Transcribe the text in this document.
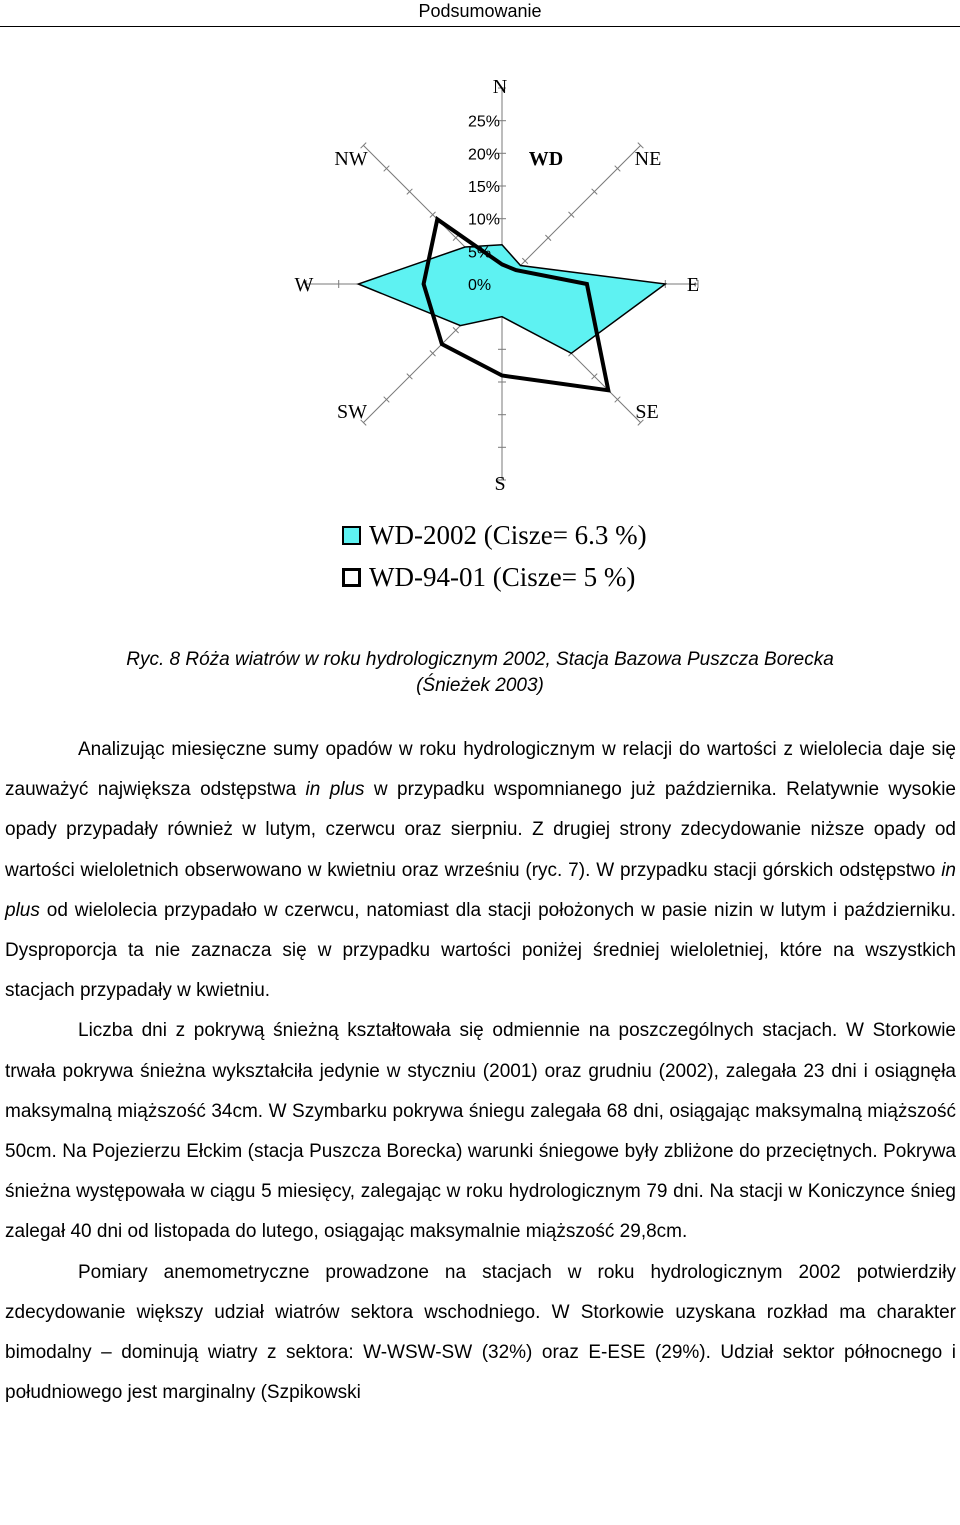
Podsumowanie
0%
5%
10%
15%
20%
25%
N
NE
E
SE
S
SW
W
NW	WD
WD-2002 (Cisze= 6.3 %)
WD-94-01 (Cisze= 5 %)
Ryc. 8 Róża wiatrów w roku hydrologicznym 2002, Stacja Bazowa Puszcza Borecka
(Śnieżek 2003)

Analizując miesięczne sumy opadów w roku hydrologicznym w relacji do wartości z wielolecia daje się zauważyć największa odstępstwa in plus w przypadku wspomnianego już października. Relatywnie wysokie opady przypadały również w lutym, czerwcu oraz sierpniu. Z drugiej strony zdecydowanie niższe opady od wartości wieloletnich obserwowano w kwietniu oraz wrześniu (ryc. 7). W przypadku stacji górskich odstępstwo in plus od wielolecia przypadało w czerwcu, natomiast dla stacji położonych w pasie nizin w lutym i październiku. Dysproporcja ta nie zaznacza się w przypadku wartości poniżej średniej wieloletniej, które na wszystkich stacjach przypadały w kwietniu.

Liczba dni z pokrywą śnieżną kształtowała się odmiennie na poszczególnych stacjach. W Storkowie trwała pokrywa śnieżna wykształciła jedynie w styczniu (2001) oraz grudniu (2002), zalegała 23 dni i osiągnęła maksymalną miąższość 34cm. W Szymbarku pokrywa śniegu zalegała 68 dni, osiągając maksymalną miąższość 50cm. Na Pojezierzu Ełckim (stacja Puszcza Borecka) warunki śniegowe były zbliżone do przeciętnych. Pokrywa śnieżna występowała w ciągu 5 miesięcy, zalegając w roku hydrologicznym 79 dni. Na stacji w Koniczynce śnieg zalegał 40 dni od listopada do lutego, osiągając maksymalnie miąższość 29,8cm.

Pomiary anemometryczne prowadzone na stacjach w roku hydrologicznym 2002 potwierdziły zdecydowanie większy udział wiatrów sektora wschodniego. W Storkowie uzyskana rozkład ma charakter bimodalny – dominują wiatry z sektora: W-WSW-SW (32%) oraz E-ESE (29%). Udział sektor północnego i południowego jest marginalny (Szpikowski
